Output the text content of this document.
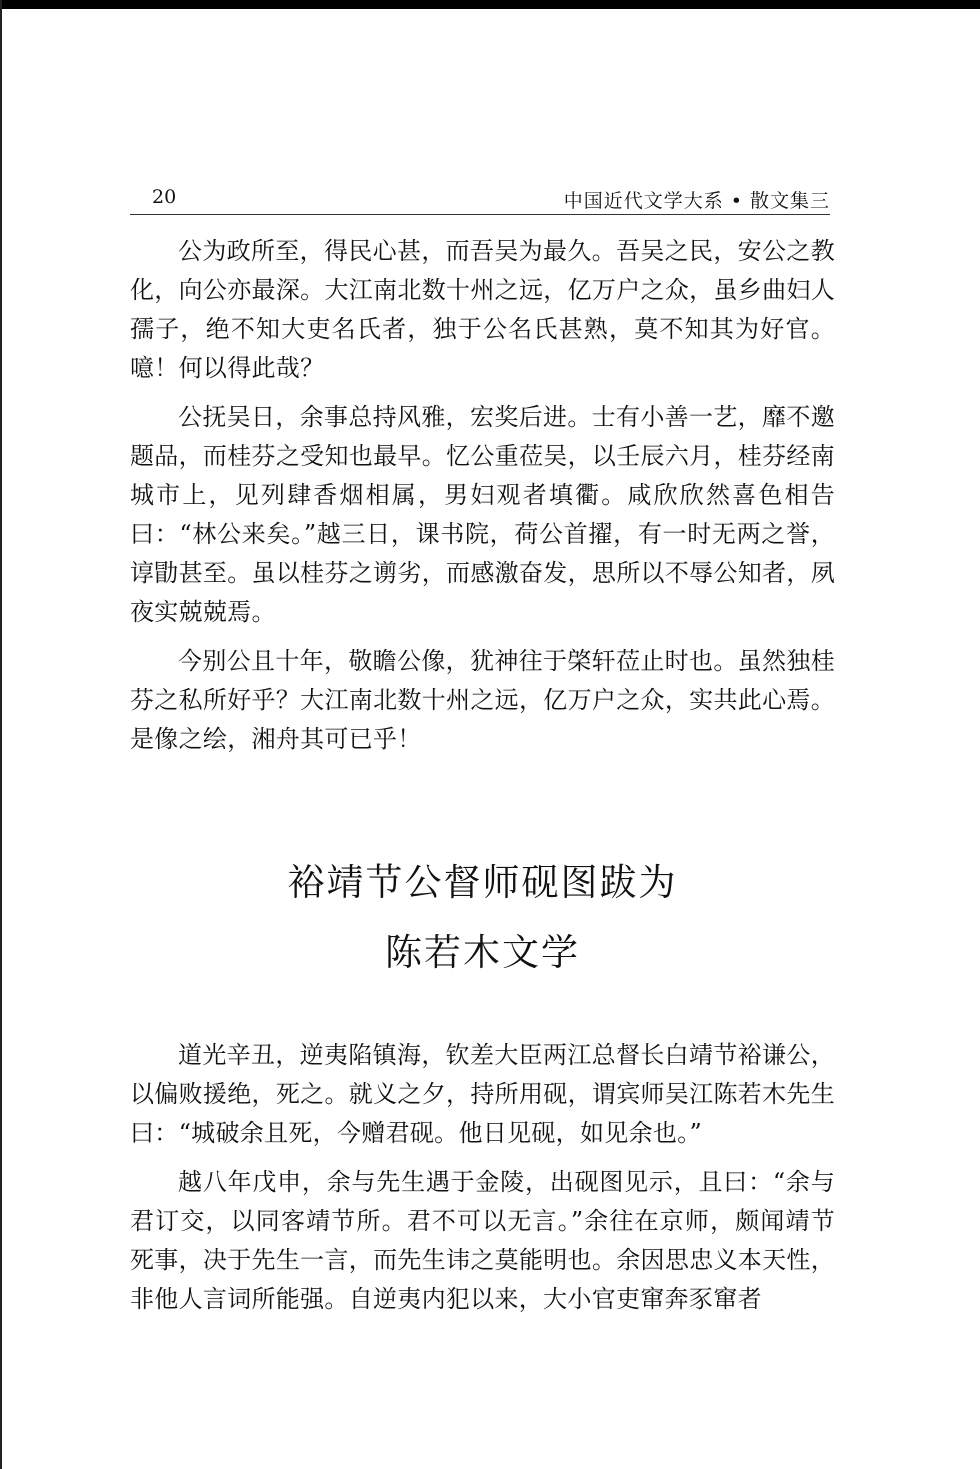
20	中国近代文学大系 • 散文集三

公为政所至，得民心甚，而吾吴为最久。吾吴之民，安公之教化，向公亦最深。大江南北数十州之远，亿万户之众，虽乡曲妇人孺子，绝不知大吏名氏者，独于公名氏甚熟，莫不知其为好官。噫！何以得此哉？

公抚吴日，余事总持风雅，宏奖后进。士有小善一艺，靡不邀题品，而桂芬之受知也最早。忆公重莅吴，以壬辰六月，桂芬经南城市上，见列肆香烟相属，男妇观者填衢。咸欣欣然喜色相告曰：“林公来矣。”越三日，课书院，荷公首擢，有一时无两之誉，谆勖甚至。虽以桂芬之谫劣，而感激奋发，思所以不辱公知者，夙夜实兢兢焉。

今别公且十年，敬瞻公像，犹神往于棨轩莅止时也。虽然独桂芬之私所好乎？大江南北数十州之远，亿万户之众，实共此心焉。是像之绘，湘舟其可已乎！

裕靖节公督师砚图跋为
陈若木文学

道光辛丑，逆夷陷镇海，钦差大臣两江总督长白靖节裕谦公，以偏败援绝，死之。就义之夕，持所用砚，谓宾师吴江陈若木先生曰：“城破余且死，今赠君砚。他日见砚，如见余也。”

越八年戊申，余与先生遇于金陵，出砚图见示，且曰：“余与君订交，以同客靖节所。君不可以无言。”余往在京师，颇闻靖节死事，决于先生一言，而先生讳之莫能明也。余因思忠义本天性，非他人言词所能强。自逆夷内犯以来，大小官吏窜奔豕窜者
